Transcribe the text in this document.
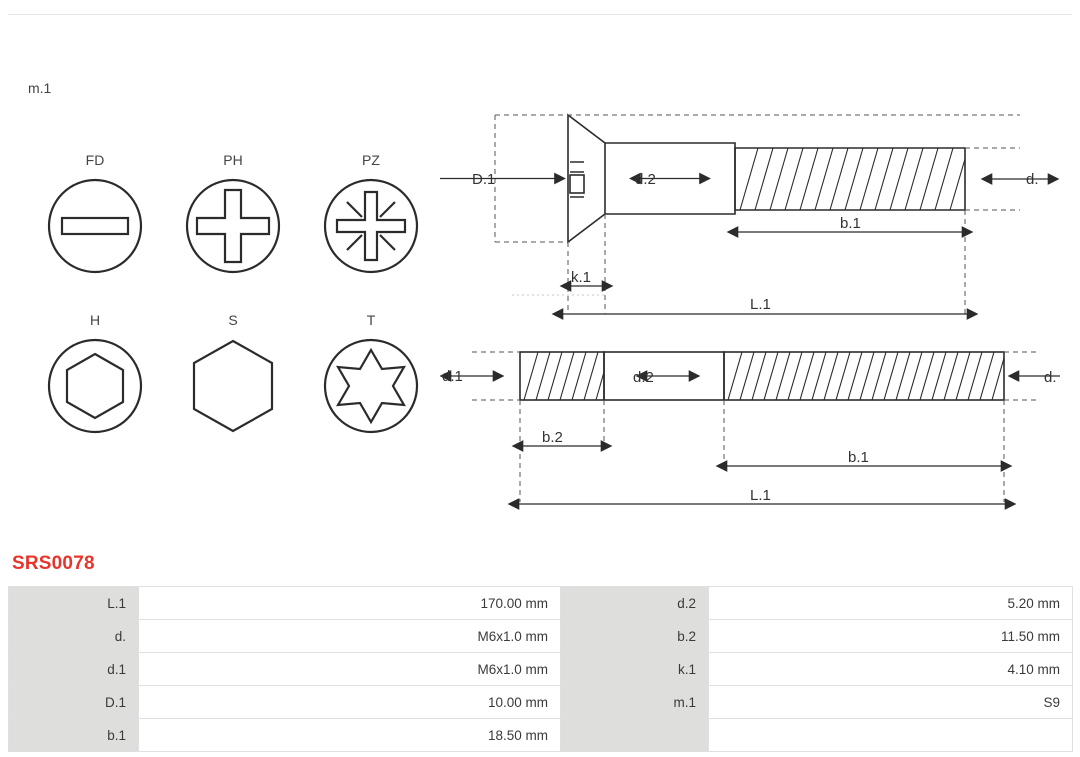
m.1
FD	PH	PZ
H	S	T
D.1	d.2	d.
b.1
k.1
L.1
d.1	d.2	d.
b.2
b.1
L.1
SRS0078
L.1	170.00 mm	d.2	5.20 mm
d.	M6x1.0 mm	b.2	11.50 mm
d.1	M6x1.0 mm	k.1	4.10 mm
D.1	10.00 mm	m.1	S9
b.1	18.50 mm		
